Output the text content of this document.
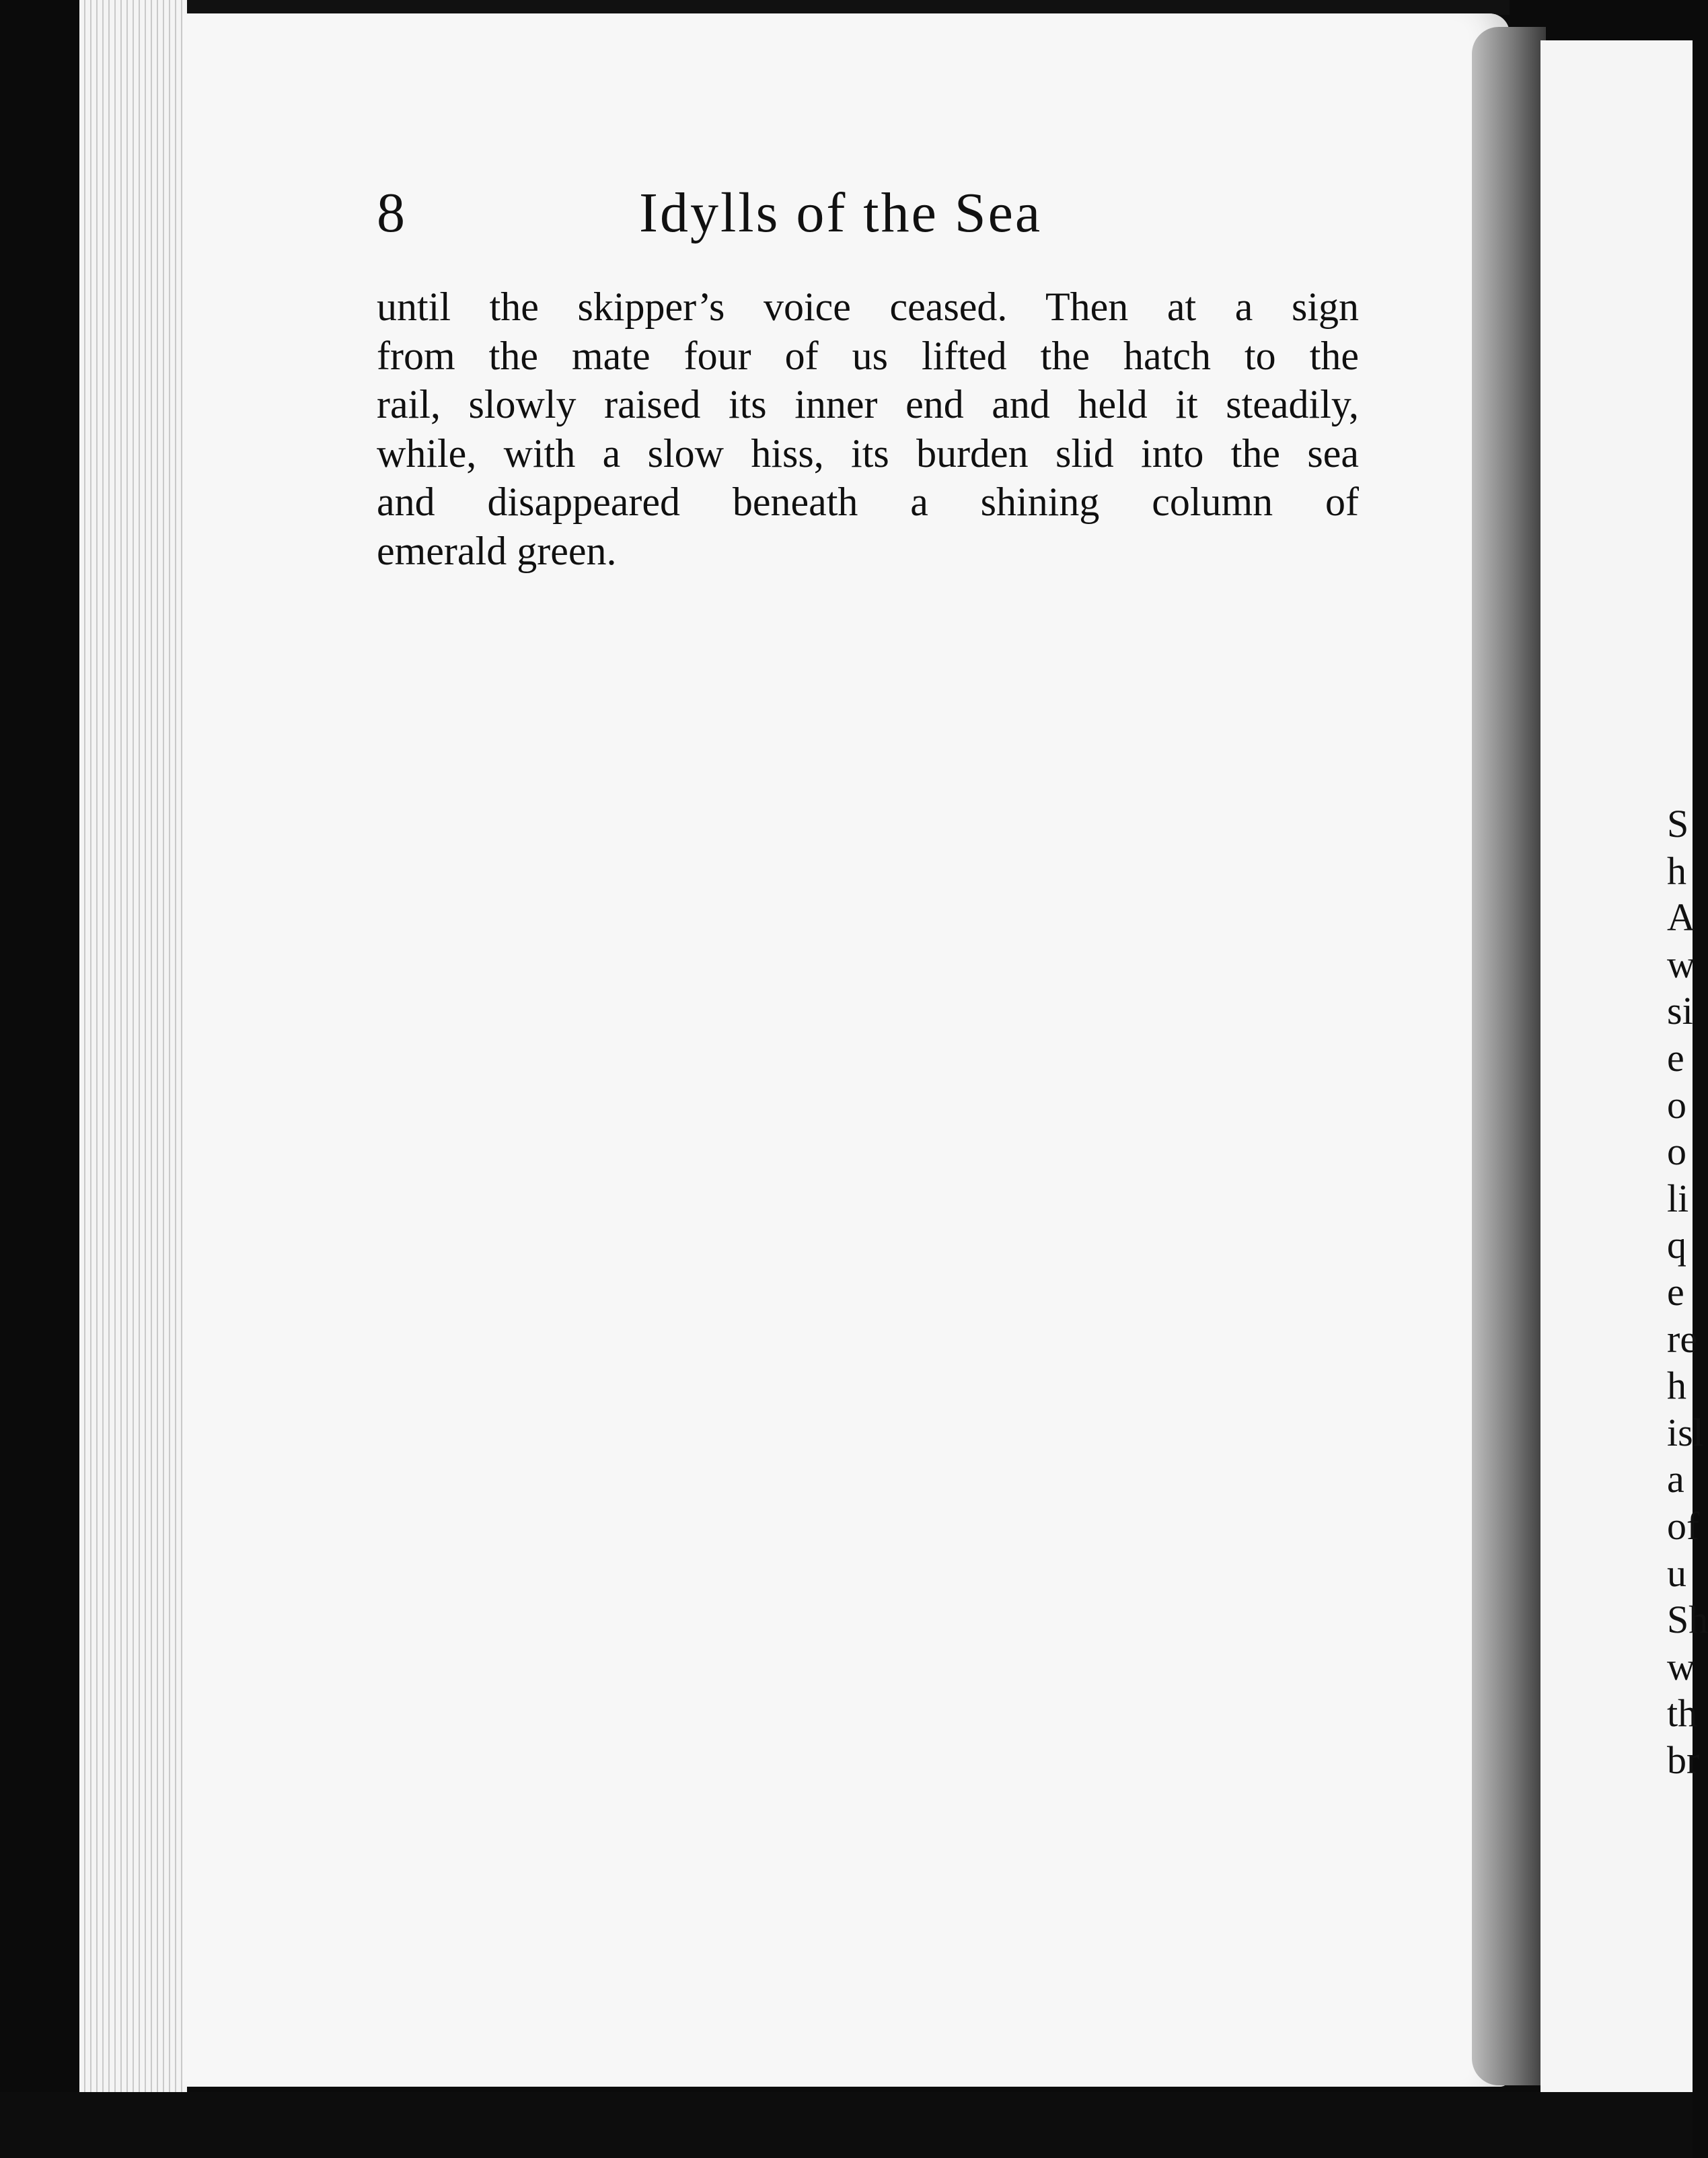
8	Idylls of the Sea
until the skipper’s voice ceased. Then at a sign
from the mate four of us lifted the hatch to the
rail, slowly raised its inner end and held it steadily,
while, with a slow hiss, its burden slid into the sea
and disappeared beneath a shining column of
emerald green.
S
h
A
w
si
e
o
o
li
q
e
re
h
isl
a
of
u
Sh
w
th
br
